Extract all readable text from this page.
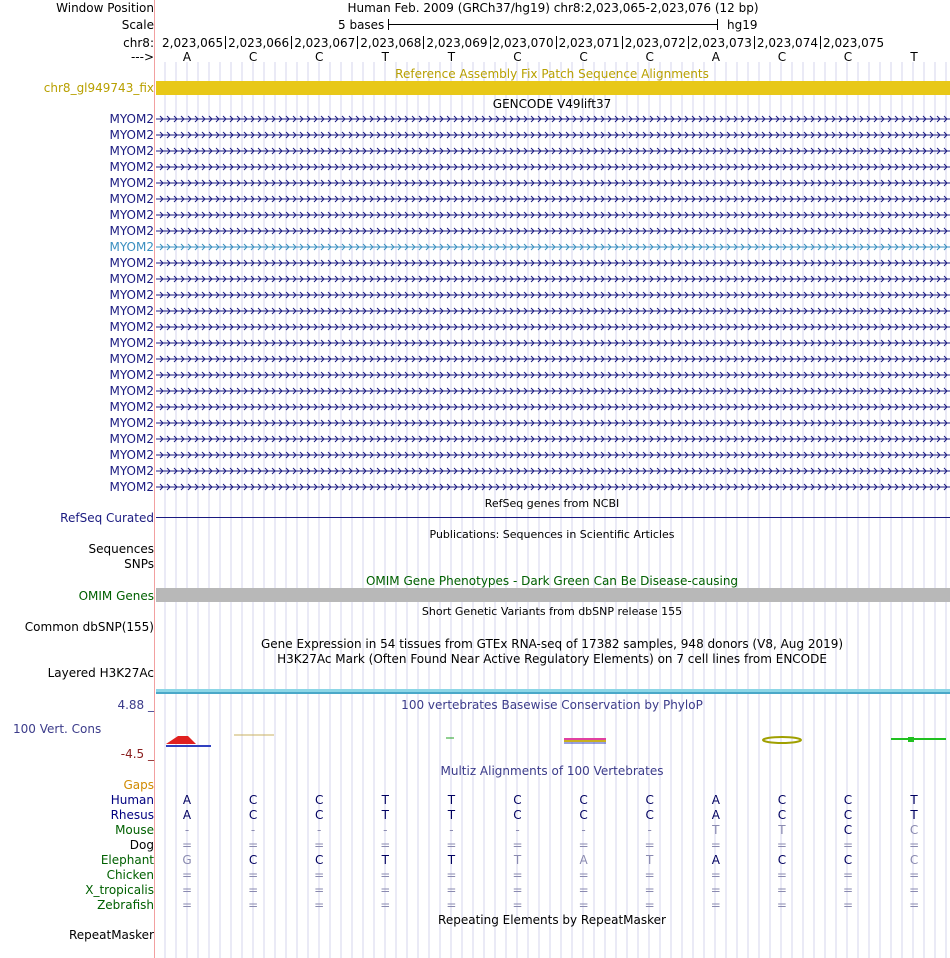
Window Position	Human Feb. 2009 (GRCh37/hg19) chr8:2,023,065-2,023,076 (12 bp)
Scale	5 bases	hg19
chr8: 2,023,065 2,023,066 2,023,067 2,023,068 2,023,069 2,023,070 2,023,071 2,023,072 2,023,073 2,023,074 2,023,075
---> A	C	C	T	T	C	C	C	A	C	C	T
Reference Assembly Fix Patch Sequence Alignments
chr8_gl949743_fix
GENCODE V49lift37
MYOM2
MYOM2
MYOM2
MYOM2
MYOM2
MYOM2
MYOM2
MYOM2
MYOM2
MYOM2
MYOM2
MYOM2
MYOM2
MYOM2
MYOM2
MYOM2
MYOM2
MYOM2
MYOM2
MYOM2
MYOM2
MYOM2
MYOM2
MYOM2
RefSeq genes from NCBI
RefSeq Curated
Publications: Sequences in Scientific Articles
Sequences
SNPs
OMIM Gene Phenotypes - Dark Green Can Be Disease-causing
OMIM Genes
Short Genetic Variants from dbSNP release 155
Common dbSNP(155)
Gene Expression in 54 tissues from GTEx RNA-seq of 17382 samples, 948 donors (V8, Aug 2019)
H3K27Ac Mark (Often Found Near Active Regulatory Elements) on 7 cell lines from ENCODE
Layered H3K27Ac
100 vertebrates Basewise Conservation by PhyloP
4.88 _
100 Vert. Cons
-4.5 _
Multiz Alignments of 100 Vertebrates
Gaps
Human A	C	C	T	T	C	C	C	A	C	C	T
Rhesus A	C	C	T	T	C	C	C	A	C	C	T
Mouse	-	-	-	-	-	-	-	-	T	T	C	C
Dog =	=	=	=	=	=	=	=	=	=	=	=
Elephant G	C	C	T	T	T	A	T	A	C	C	C
Chicken =	=	=	=	=	=	=	=	=	=	=	=
X_tropicalis =	=	=	=	=	=	=	=	=	=	=	=
Zebrafish =	=	=	=	=	=	=	=	=	=	=	=
Repeating Elements by RepeatMasker
RepeatMasker
